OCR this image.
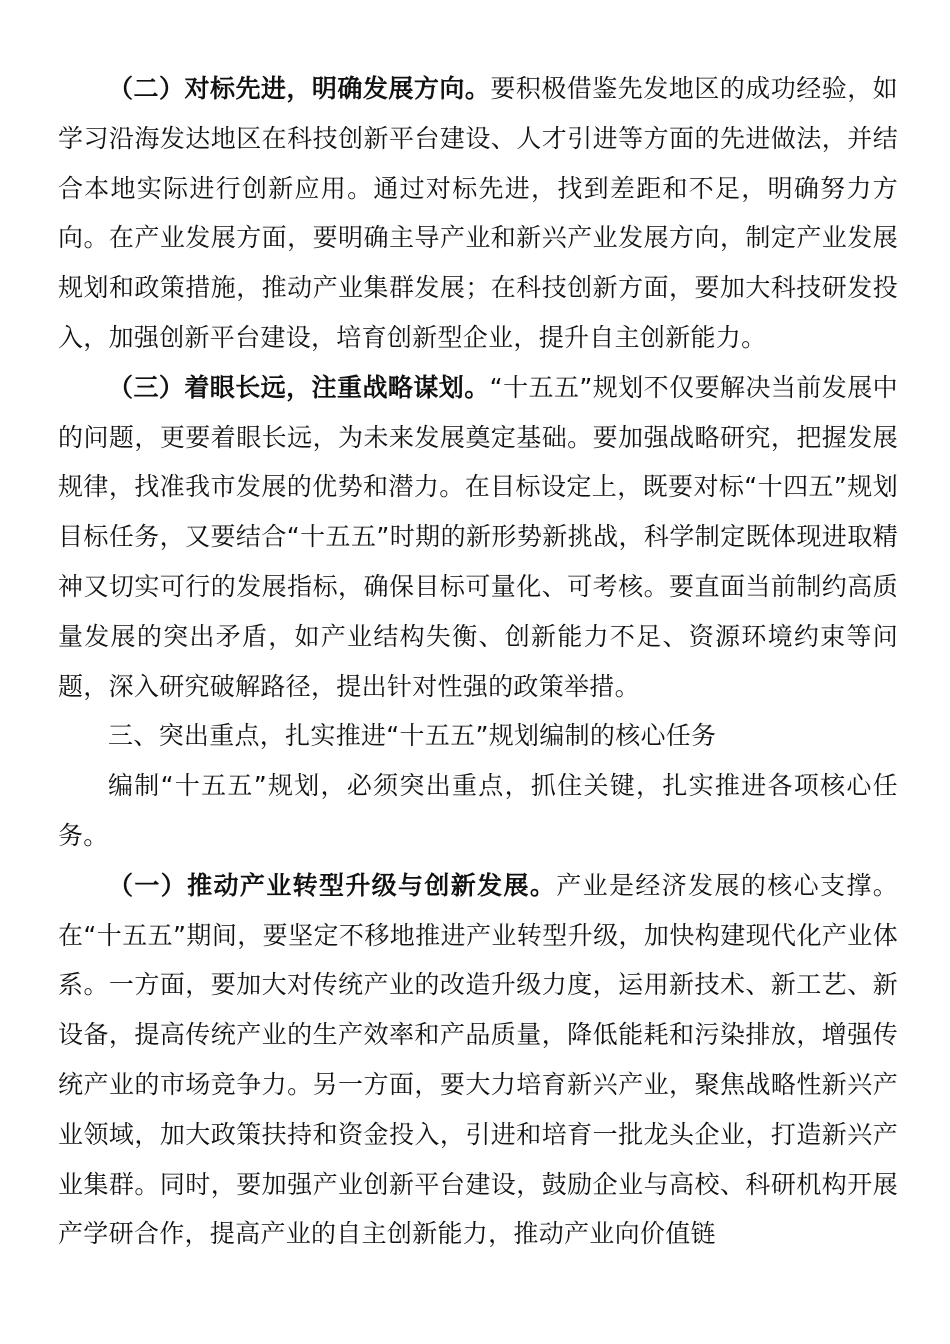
（二）对标先进，明确发展方向。要积极借鉴先发地区的成功经验，如学习沿海发达地区在科技创新平台建设、人才引进等方面的先进做法，并结合本地实际进行创新应用。通过对标先进，找到差距和不足，明确努力方向。在产业发展方面，要明确主导产业和新兴产业发展方向，制定产业发展规划和政策措施，推动产业集群发展；在科技创新方面，要加大科技研发投入，加强创新平台建设，培育创新型企业，提升自主创新能力。

（三）着眼长远，注重战略谋划。“十五五”规划不仅要解决当前发展中的问题，更要着眼长远，为未来发展奠定基础。要加强战略研究，把握发展规律，找准我市发展的优势和潜力。在目标设定上，既要对标“十四五”规划目标任务，又要结合“十五五”时期的新形势新挑战，科学制定既体现进取精神又切实可行的发展指标，确保目标可量化、可考核。要直面当前制约高质量发展的突出矛盾，如产业结构失衡、创新能力不足、资源环境约束等问题，深入研究破解路径，提出针对性强的政策举措。

三、突出重点，扎实推进“十五五”规划编制的核心任务

编制“十五五”规划，必须突出重点，抓住关键，扎实推进各项核心任务。

（一）推动产业转型升级与创新发展。产业是经济发展的核心支撑。在“十五五”期间，要坚定不移地推进产业转型升级，加快构建现代化产业体系。一方面，要加大对传统产业的改造升级力度，运用新技术、新工艺、新设备，提高传统产业的生产效率和产品质量，降低能耗和污染排放，增强传统产业的市场竞争力。另一方面，要大力培育新兴产业，聚焦战略性新兴产业领域，加大政策扶持和资金投入，引进和培育一批龙头企业，打造新兴产业集群。同时，要加强产业创新平台建设，鼓励企业与高校、科研机构开展产学研合作，提高产业的自主创新能力，推动产业向价值链
